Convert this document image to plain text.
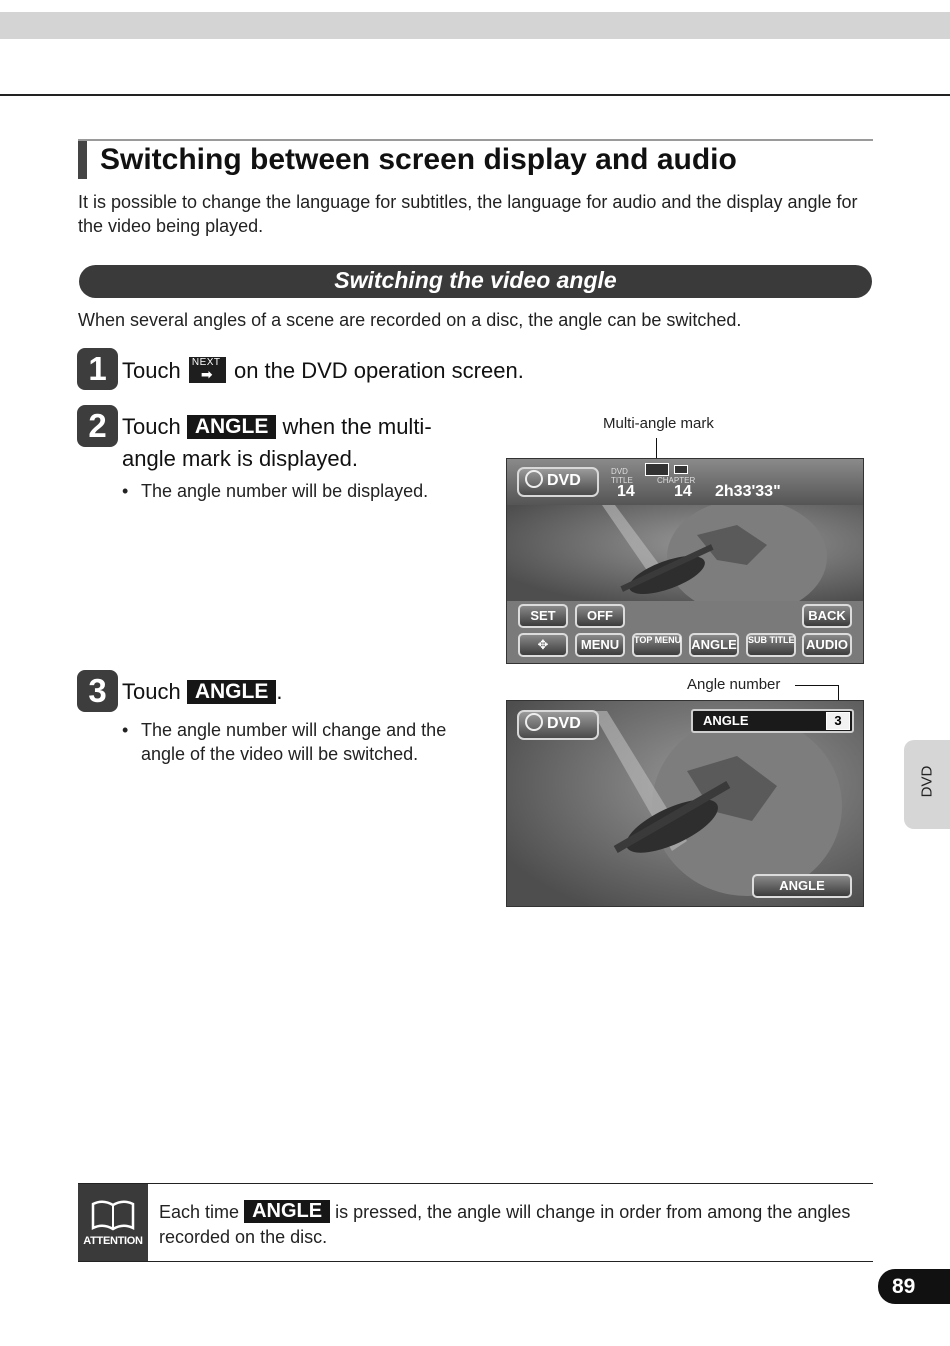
Switching between screen display and audio

It is possible to change the language for subtitles, the language for audio and the display angle for the video being played.

Switching the video angle

When several angles of a scene are recorded on a disc, the angle can be switched.

1 Touch NEXT
➡ on the DVD operation screen.
2 Touch ANGLE when the multi-
angle mark is displayed.
• The angle number will be displayed.
Multi-angle mark
DVD
DVD
TITLE	CHAPTER
14 14 2h33'33"
SET	OFF	BACK
✥	MENU	TOP MENU ANGLE SUB TITLE AUDIO
3 Touch ANGLE .
• The angle number will change and the angle of the video will be switched.
Angle number
DVD	ANGLE	3
ANGLE
ATTENTION

Each time ANGLE is pressed, the angle will change in order from among the angles recorded on the disc.

DVD
89
